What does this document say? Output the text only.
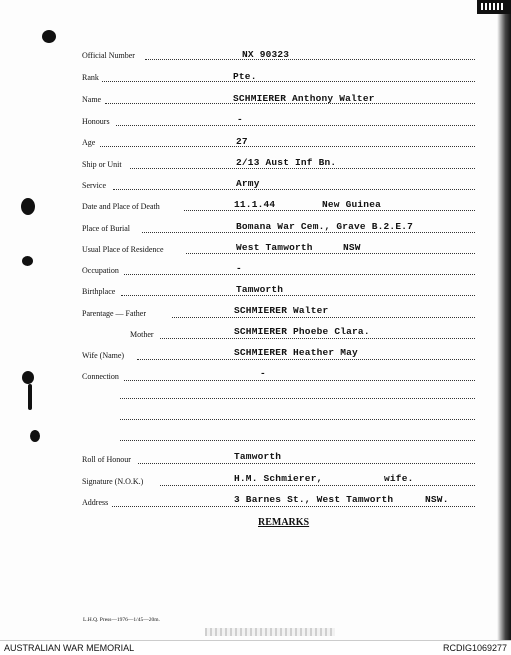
Official Number	NX 90323
Rank	Pte.
Name	SCHMIERER Anthony Walter
Honours	-
Age	27
Ship or Unit	2/13 Aust Inf Bn.
Service	Army
Date and Place of Death	11.1.44	New Guinea
Place of Burial	Bomana War Cem., Grave B.2.E.7
Usual Place of Residence	West Tamworth	NSW
Occupation	-
Birthplace	Tamworth
Parentage — Father	SCHMIERER Walter
Mother	SCHMIERER Phoebe Clara.
Wife (Name)	SCHMIERER Heather May
Connection	-
Roll of Honour	Tamworth
Signature (N.O.K.)	H.M. Schmierer,	wife.
Address	3 Barnes St., West Tamworth	NSW.
REMARKS
L.H.Q. Press—1976—1/45—20m.
AUSTRALIAN WAR MEMORIAL	RCDIG1069277
